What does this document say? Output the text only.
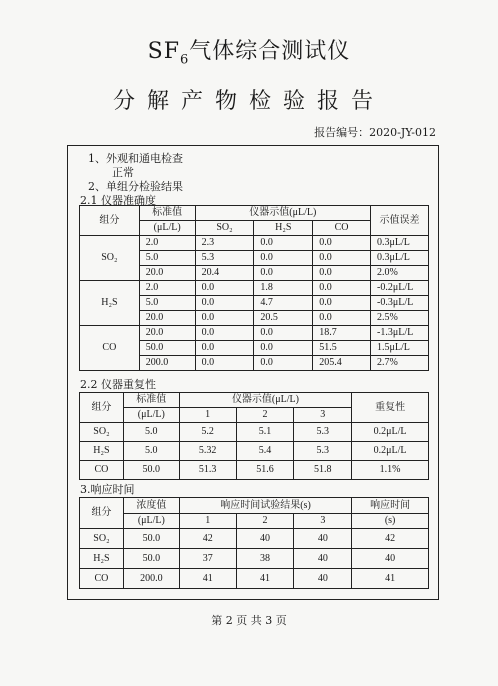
$SF_6$气体综合测试仪
分解产物检验报告
报告编号：2020-JY-012
1、外观和通电检查
正常
2、单组分检验结果
2.1 仪器准确度
组分	标准值	仪器示值(μL/L)			示值误差
	(μL/L)	SO₂	H₂S	CO	
SO₂	2.0	2.3	0.0	0.0	0.3μL/L
	5.0	5.3	0.0	0.0	0.3μL/L
	20.0	20.4	0.0	0.0	2.0%
H₂S	2.0	0.0	1.8	0.0	-0.2μL/L
	5.0	0.0	4.7	0.0	-0.3μL/L
	20.0	0.0	20.5	0.0	2.5%
CO	20.0	0.0	0.0	18.7	-1.3μL/L
	50.0	0.0	0.0	51.5	1.5μL/L
	200.0	0.0	0.0	205.4	2.7%
2.2 仪器重复性
组分	标准值	仪器示值(μL/L)			重复性
	(μL/L)	1	2	3	
SO₂	5.0	5.2	5.1	5.3	0.2μL/L
H₂S	5.0	5.32	5.4	5.3	0.2μL/L
CO	50.0	51.3	51.6	51.8	1.1%
3.响应时间
组分	浓度值	响应时间试验结果(s)			响应时间
	(μL/L)	1	2	3	(s)
SO₂	50.0	42	40	40	42
H₂S	50.0	37	38	40	40
CO	200.0	41	41	40	41
第 2 页 共 3 页
